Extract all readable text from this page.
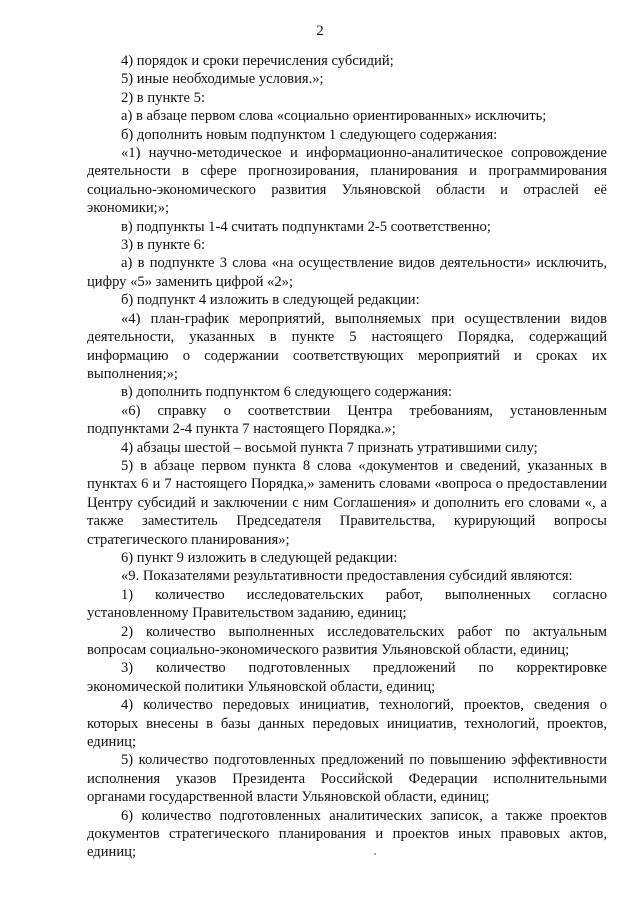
2

4) порядок и сроки перечисления субсидий;

5) иные необходимые условия.»;

2) в пункте 5:

а) в абзаце первом слова «социально ориентированных» исключить;

б) дополнить новым подпунктом 1 следующего содержания:

«1) научно-методическое и информационно-аналитическое сопровождение деятельности в сфере прогнозирования, планирования и программирования социально-экономического развития Ульяновской области и отраслей её экономики;»;

в) подпункты 1-4 считать подпунктами 2-5 соответственно;

3) в пункте 6:

а) в подпункте 3 слова «на осуществление видов деятельности» исключить, цифру «5» заменить цифрой «2»;

б) подпункт 4 изложить в следующей редакции:

«4) план-график мероприятий, выполняемых при осуществлении видов деятельности, указанных в пункте 5 настоящего Порядка, содержащий информацию о содержании соответствующих мероприятий и сроках их выполнения;»;

в) дополнить подпунктом 6 следующего содержания:

«6) справку о соответствии Центра требованиям, установленным подпунктами 2-4 пункта 7 настоящего Порядка.»;

4) абзацы шестой – восьмой пункта 7 признать утратившими силу;

5) в абзаце первом пункта 8 слова «документов и сведений, указанных в пунктах 6 и 7 настоящего Порядка,» заменить словами «вопроса о предоставлении Центру субсидий и заключении с ним Соглашения» и дополнить его словами «, а также заместитель Председателя Правительства, курирующий вопросы стратегического планирования»;

6) пункт 9 изложить в следующей редакции:

«9. Показателями результативности предоставления субсидий являются:

1) количество исследовательских работ, выполненных согласно установленному Правительством заданию, единиц;

2) количество выполненных исследовательских работ по актуальным вопросам социально-экономического развития Ульяновской области, единиц;

3) количество подготовленных предложений по корректировке экономической политики Ульяновской области, единиц;

4) количество передовых инициатив, технологий, проектов, сведения о которых внесены в базы данных передовых инициатив, технологий, проектов, единиц;

5) количество подготовленных предложений по повышению эффективности исполнения указов Президента Российской Федерации исполнительными органами государственной власти Ульяновской области, единиц;

6) количество подготовленных аналитических записок, а также проектов документов стратегического планирования и проектов иных правовых актов, единиц;
